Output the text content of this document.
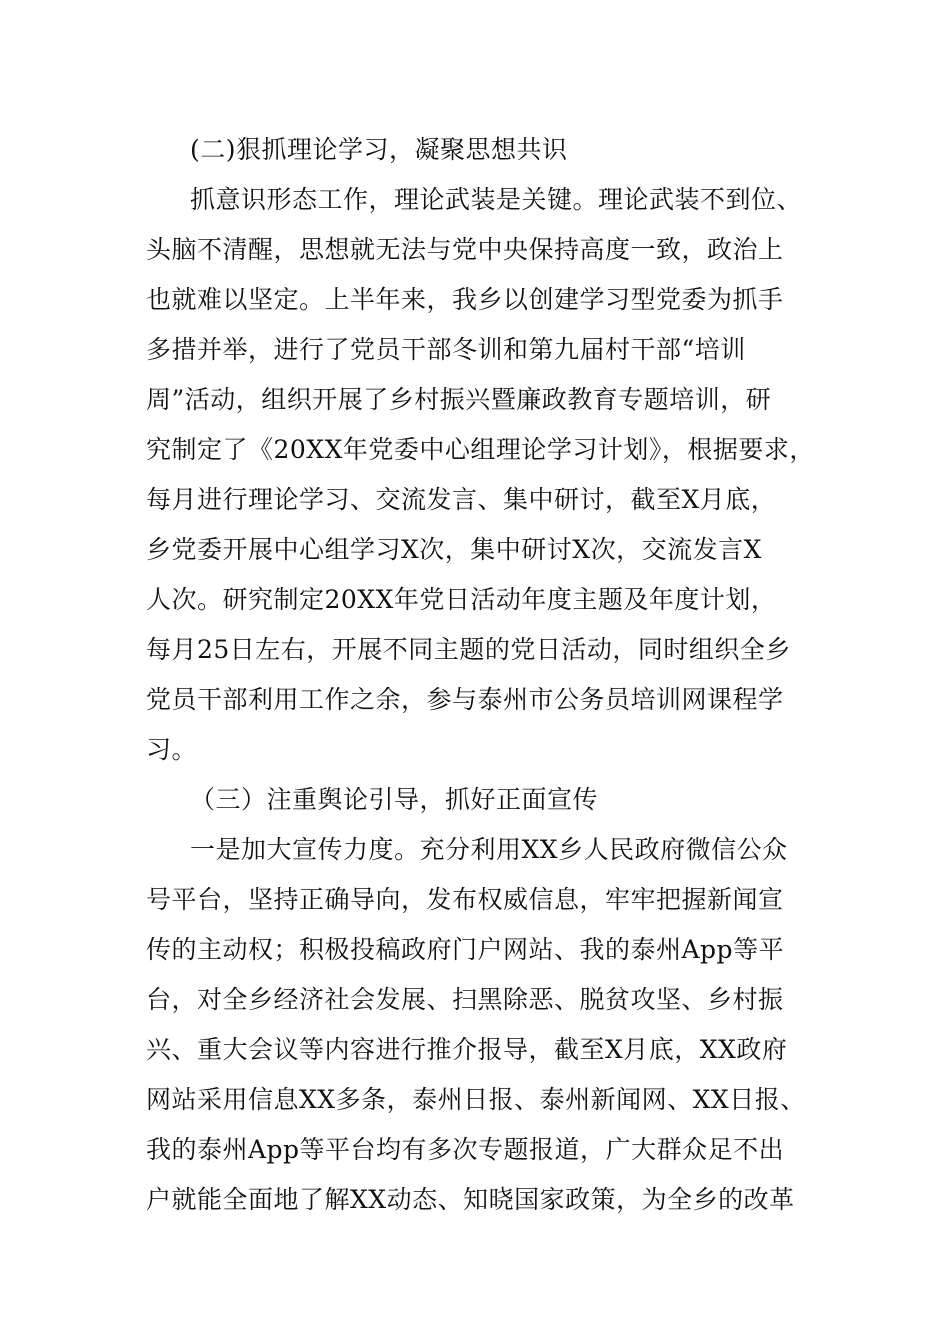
(二)狠抓理论学习，凝聚思想共识
抓意识形态工作，理论武装是关键。理论武装不到位、
头脑不清醒，思想就无法与党中央保持高度一致，政治上
也就难以坚定。上半年来，我乡以创建学习型党委为抓手
多措并举，进行了党员干部冬训和第九届村干部“培训
周”活动，组织开展了乡村振兴暨廉政教育专题培训，研
究制定了《20XX年党委中心组理论学习计划》，根据要求，
每月进行理论学习、交流发言、集中研讨，截至X月底，
乡党委开展中心组学习X次，集中研讨X次，交流发言X
人次。研究制定20XX年党日活动年度主题及年度计划，
每月25日左右，开展不同主题的党日活动，同时组织全乡
党员干部利用工作之余，参与泰州市公务员培训网课程学
习。
（三）注重舆论引导，抓好正面宣传
一是加大宣传力度。充分利用XX乡人民政府微信公众
号平台，坚持正确导向，发布权威信息，牢牢把握新闻宣
传的主动权；积极投稿政府门户网站、我的泰州App等平
台，对全乡经济社会发展、扫黑除恶、脱贫攻坚、乡村振
兴、重大会议等内容进行推介报导，截至X月底，XX政府
网站采用信息XX多条，泰州日报、泰州新闻网、XX日报、
我的泰州App等平台均有多次专题报道，广大群众足不出
户就能全面地了解XX动态、知晓国家政策，为全乡的改革
